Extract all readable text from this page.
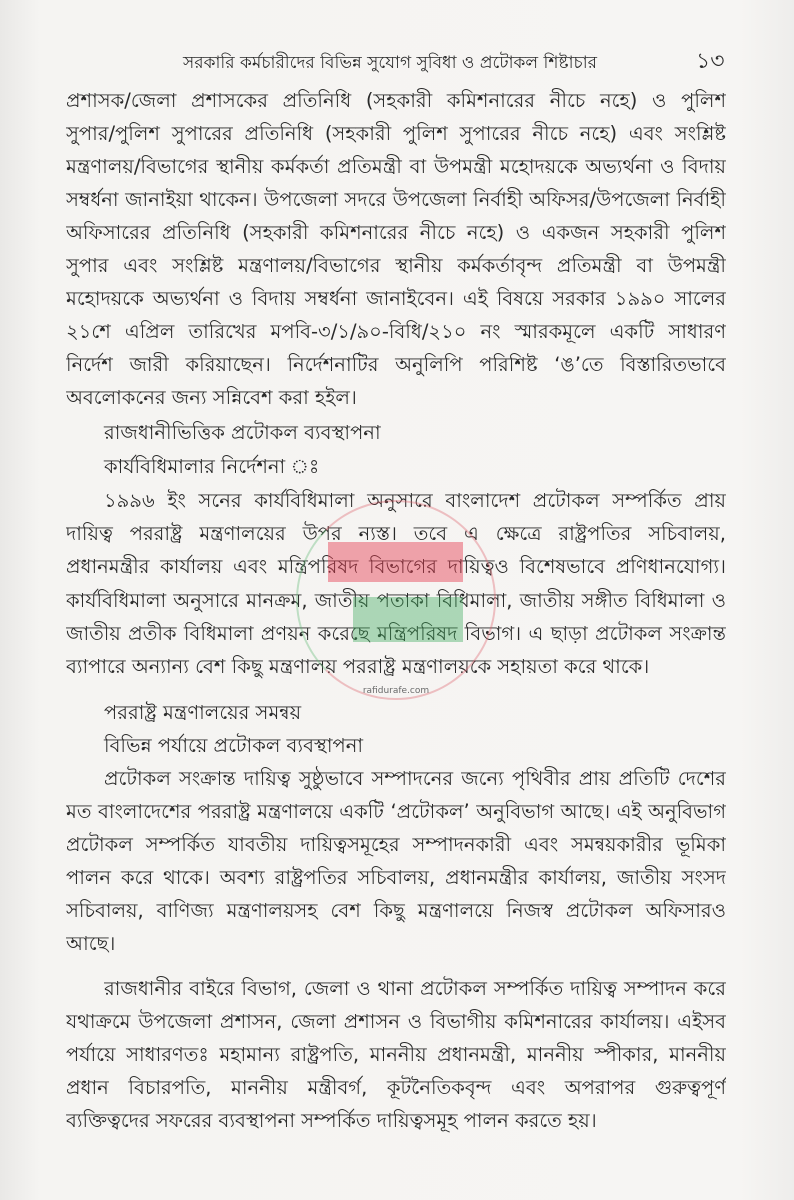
সরকারি কর্মচারীদের বিভিন্ন সুযোগ সুবিধা ও প্রটোকল শিষ্টাচার	১৩
প্রশাসক/জেলা প্রশাসকের প্রতিনিধি (সহকারী কমিশনারের নীচে নহে) ও পুলিশ
সুপার/পুলিশ সুপারের প্রতিনিধি (সহকারী পুলিশ সুপারের নীচে নহে) এবং সংশ্লিষ্ট
মন্ত্রণালয়/বিভাগের স্থানীয় কর্মকর্তা প্রতিমন্ত্রী বা উপমন্ত্রী মহোদয়কে অভ্যর্থনা ও বিদায়
সম্বর্ধনা জানাইয়া থাকেন। উপজেলা সদরে উপজেলা নির্বাহী অফিসর/উপজেলা নির্বাহী
অফিসারের প্রতিনিধি (সহকারী কমিশনারের নীচে নহে) ও একজন সহকারী পুলিশ
সুপার এবং সংশ্লিষ্ট মন্ত্রণালয়/বিভাগের স্থানীয় কর্মকর্তাবৃন্দ প্রতিমন্ত্রী বা উপমন্ত্রী
মহোদয়কে অভ্যর্থনা ও বিদায় সম্বর্ধনা জানাইবেন। এই বিষয়ে সরকার ১৯৯০ সালের
২১শে এপ্রিল তারিখের মপবি-৩/১/৯০-বিধি/২১০ নং স্মারকমূলে একটি সাধারণ
নির্দেশ জারী করিয়াছেন। নির্দেশনাটির অনুলিপি পরিশিষ্ট ‘ঙ’তে বিস্তারিতভাবে
অবলোকনের জন্য সন্নিবেশ করা হইল।
রাজধানীভিত্তিক প্রটোকল ব্যবস্থাপনা
কার্যবিধিমালার নির্দেশনা ঃ
১৯৯৬ ইং সনের কার্যবিধিমালা অনুসারে বাংলাদেশ প্রটোকল সম্পর্কিত প্রায়
দায়িত্ব পররাষ্ট্র মন্ত্রণালয়ের উপর ন্যস্ত। তবে এ ক্ষেত্রে রাষ্ট্রপতির সচিবালয়,
প্রধানমন্ত্রীর কার্যালয় এবং মন্ত্রিপরিষদ বিভাগের দায়িত্বও বিশেষভাবে প্রণিধানযোগ্য।
কার্যবিধিমালা অনুসারে মানক্রম, জাতীয় পতাকা বিধিমালা, জাতীয় সঙ্গীত বিধিমালা ও
জাতীয় প্রতীক বিধিমালা প্রণয়ন করেছে মন্ত্রিপরিষদ বিভাগ। এ ছাড়া প্রটোকল সংক্রান্ত
ব্যাপারে অন্যান্য বেশ কিছু মন্ত্রণালয় পররাষ্ট্র মন্ত্রণালয়কে সহায়তা করে থাকে।
পররাষ্ট্র মন্ত্রণালয়ের সমন্বয়
বিভিন্ন পর্যায়ে প্রটোকল ব্যবস্থাপনা
প্রটোকল সংক্রান্ত দায়িত্ব সুষ্ঠুভাবে সম্পাদনের জন্যে পৃথিবীর প্রায় প্রতিটি দেশের
মত বাংলাদেশের পররাষ্ট্র মন্ত্রণালয়ে একটি ‘প্রটোকল’ অনুবিভাগ আছে। এই অনুবিভাগ
প্রটোকল সম্পর্কিত যাবতীয় দায়িত্বসমূহের সম্পাদনকারী এবং সমন্বয়কারীর ভূমিকা
পালন করে থাকে। অবশ্য রাষ্ট্রপতির সচিবালয়, প্রধানমন্ত্রীর কার্যালয়, জাতীয় সংসদ
সচিবালয়, বাণিজ্য মন্ত্রণালয়সহ বেশ কিছু মন্ত্রণালয়ে নিজস্ব প্রটোকল অফিসারও
আছে।
রাজধানীর বাইরে বিভাগ, জেলা ও থানা প্রটোকল সম্পর্কিত দায়িত্ব সম্পাদন করে
যথাক্রমে উপজেলা প্রশাসন, জেলা প্রশাসন ও বিভাগীয় কমিশনারের কার্যালয়। এইসব
পর্যায়ে সাধারণতঃ মহামান্য রাষ্ট্রপতি, মাননীয় প্রধানমন্ত্রী, মাননীয় স্পীকার, মাননীয়
প্রধান বিচারপতি, মাননীয় মন্ত্রীবর্গ, কূটনৈতিকবৃন্দ এবং অপরাপর গুরুত্বপূর্ণ
ব্যক্তিত্বদের সফরের ব্যবস্থাপনা সম্পর্কিত দায়িত্বসমূহ পালন করতে হয়।
rafidurafe.com
